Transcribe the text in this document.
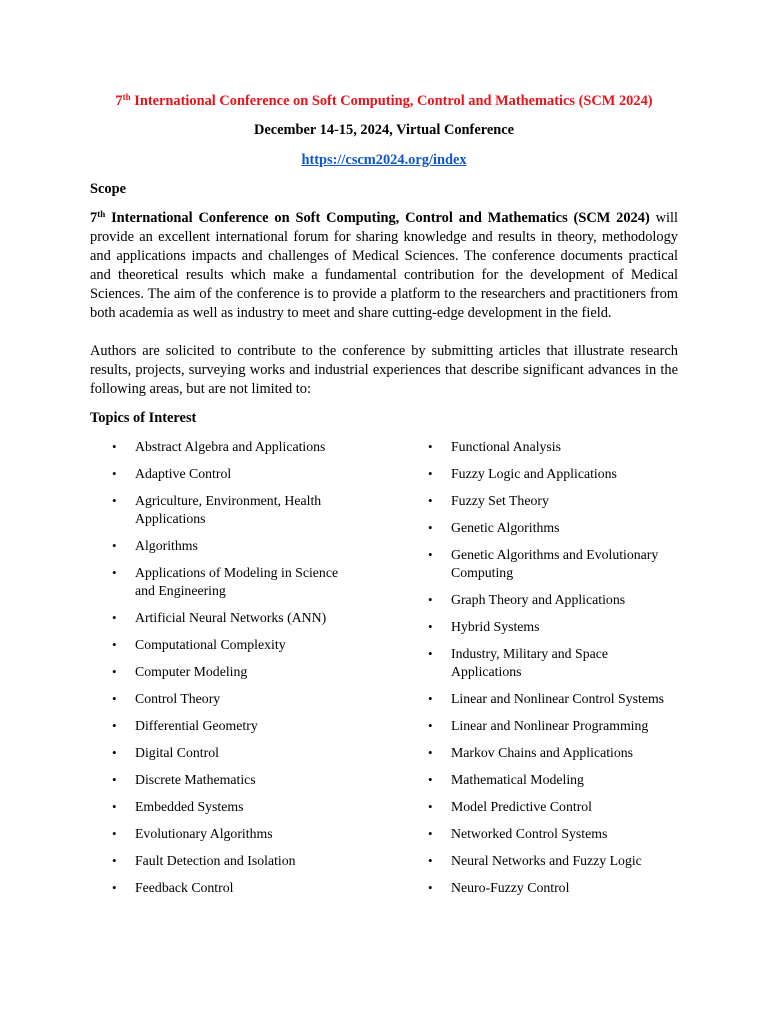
7th International Conference on Soft Computing, Control and Mathematics (SCM 2024)

December 14-15, 2024, Virtual Conference

https://cscm2024.org/index

Scope

7th International Conference on Soft Computing, Control and Mathematics (SCM 2024) will provide an excellent international forum for sharing knowledge and results in theory, methodology and applications impacts and challenges of Medical Sciences. The conference documents practical and theoretical results which make a fundamental contribution for the development of Medical Sciences. The aim of the conference is to provide a platform to the researchers and practitioners from both academia as well as industry to meet and share cutting-edge development in the field.

Authors are solicited to contribute to the conference by submitting articles that illustrate research results, projects, surveying works and industrial experiences that describe significant advances in the following areas, but are not limited to:

Topics of Interest

• Abstract Algebra and Applications
• Adaptive Control
• Agriculture, Environment, Health Applications
• Algorithms
• Applications of Modeling in Science and Engineering
• Artificial Neural Networks (ANN)
• Computational Complexity
• Computer Modeling
• Control Theory
• Differential Geometry
• Digital Control
• Discrete Mathematics
• Embedded Systems
• Evolutionary Algorithms
• Fault Detection and Isolation
• Feedback Control
• Functional Analysis
• Fuzzy Logic and Applications
• Fuzzy Set Theory
• Genetic Algorithms
• Genetic Algorithms and Evolutionary Computing
• Graph Theory and Applications
• Hybrid Systems
• Industry, Military and Space Applications
• Linear and Nonlinear Control Systems
• Linear and Nonlinear Programming
• Markov Chains and Applications
• Mathematical Modeling
• Model Predictive Control
• Networked Control Systems
• Neural Networks and Fuzzy Logic
• Neuro-Fuzzy Control
